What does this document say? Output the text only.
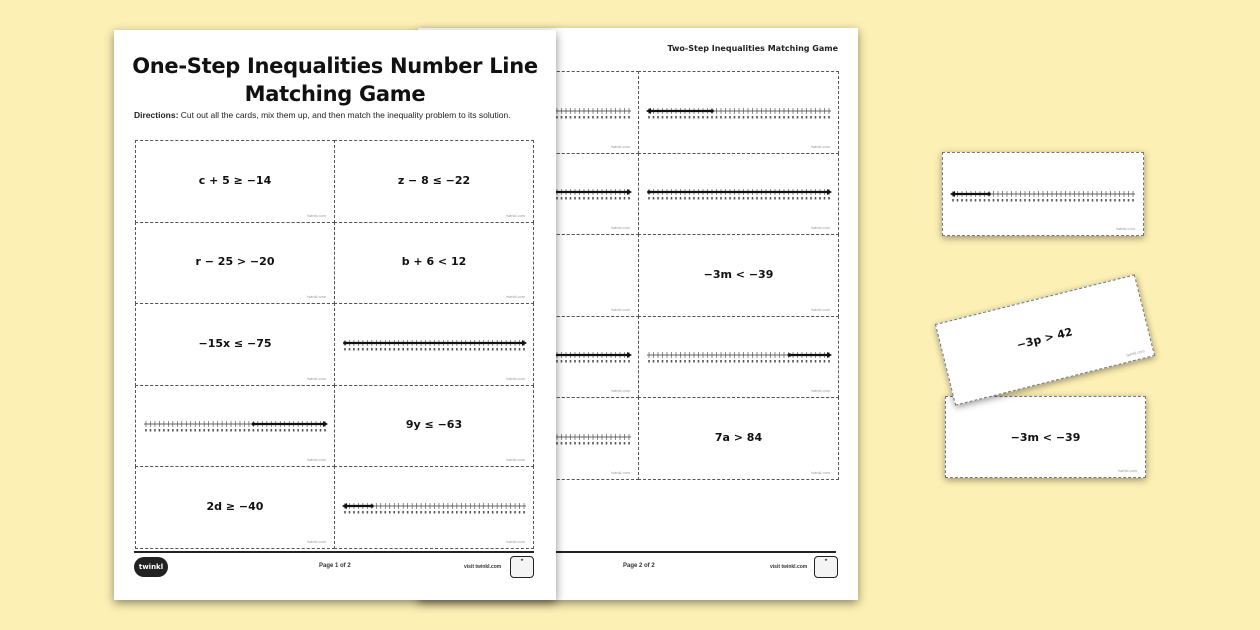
Two-Step Inequalities Matching Game
twinkl.com	twinkl.com
twinkl.com	twinkl.com
twinkl.com
−3m < −39
twinkl.com
twinkl.com	twinkl.com
twinkl.com
7a > 84
twinkl.com
Page 2 of 2	visit twinkl.com
★
One-Step Inequalities Number Line Matching Game
Directions: Cut out all the cards, mix them up, and then match the inequality problem to its solution.
c + 5 ≥ −14
twinkl.com
z − 8 ≤ −22
twinkl.com
r − 25 > −20
twinkl.com
b + 6 < 12
twinkl.com
−15x ≤ −75
twinkl.com	twinkl.com
twinkl.com
9y ≤ −63
twinkl.com
2d ≥ −40
twinkl.com	twinkl.com
twinkl	Page 1 of 2	visit twinkl.com
★
twinkl.com
−3p > 42
twinkl.com
−3m < −39
twinkl.com
